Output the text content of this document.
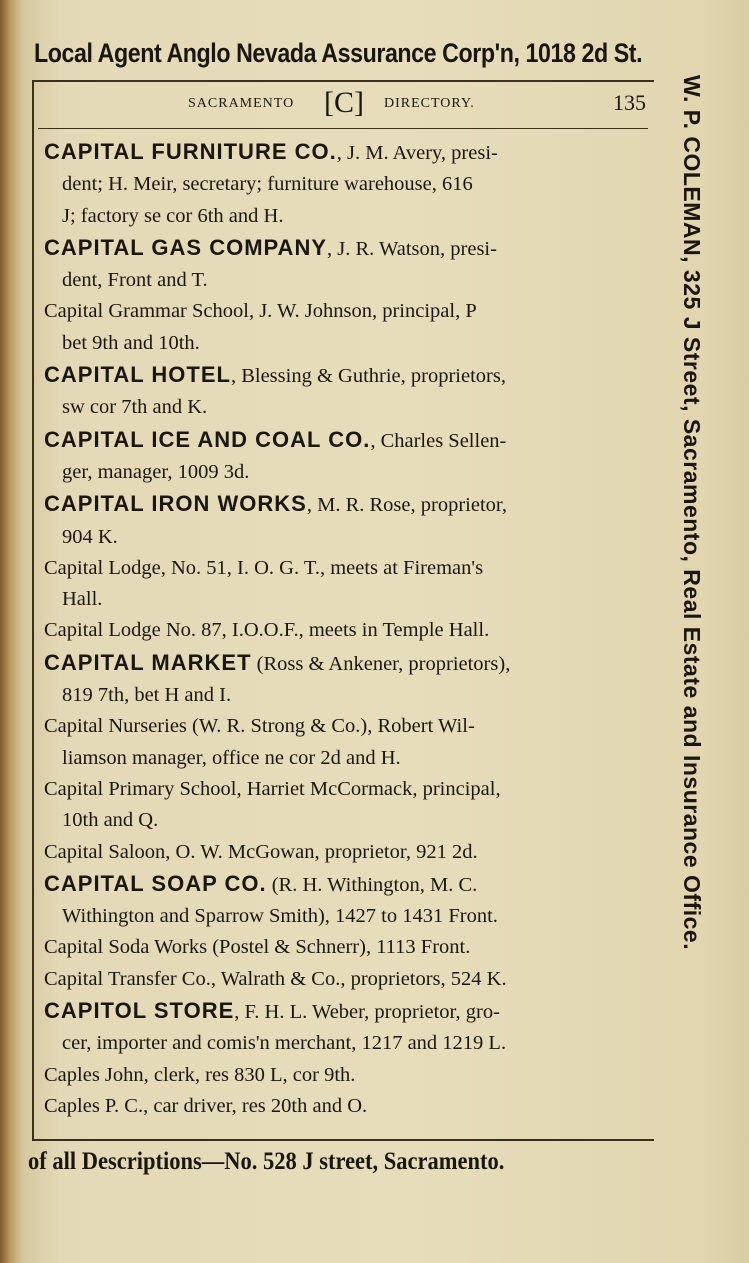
Local Agent Anglo Nevada Assurance Corp'n, 1018 2d St.
SACRAMENTO [C] DIRECTORY.	135
CAPITAL FURNITURE CO., J. M. Avery, presi-
dent; H. Meir, secretary; furniture warehouse, 616
J; factory se cor 6th and H.
CAPITAL GAS COMPANY, J. R. Watson, presi-
dent, Front and T.
Capital Grammar School, J. W. Johnson, principal, P
bet 9th and 10th.
CAPITAL HOTEL, Blessing & Guthrie, proprietors,
sw cor 7th and K.
CAPITAL ICE AND COAL CO., Charles Sellen-
ger, manager, 1009 3d.
CAPITAL IRON WORKS, M. R. Rose, proprietor,
904 K.
Capital Lodge, No. 51, I. O. G. T., meets at Fireman's
Hall.
Capital Lodge No. 87, I.O.O.F., meets in Temple Hall.
CAPITAL MARKET (Ross & Ankener, proprietors),
819 7th, bet H and I.
Capital Nurseries (W. R. Strong & Co.), Robert Wil-
liamson manager, office ne cor 2d and H.
Capital Primary School, Harriet McCormack, principal,
10th and Q.
Capital Saloon, O. W. McGowan, proprietor, 921 2d.
CAPITAL SOAP CO. (R. H. Withington, M. C.
Withington and Sparrow Smith), 1427 to 1431 Front.
Capital Soda Works (Postel & Schnerr), 1113 Front.
Capital Transfer Co., Walrath & Co., proprietors, 524 K.
CAPITOL STORE, F. H. L. Weber, proprietor, gro-
cer, importer and comis'n merchant, 1217 and 1219 L.
Caples John, clerk, res 830 L, cor 9th.
Caples P. C., car driver, res 20th and O.
W. P. COLEMAN, 325 J Street, Sacramento, Real Estate and Insurance Office.
of all Descriptions—No. 528 J street, Sacramento.
